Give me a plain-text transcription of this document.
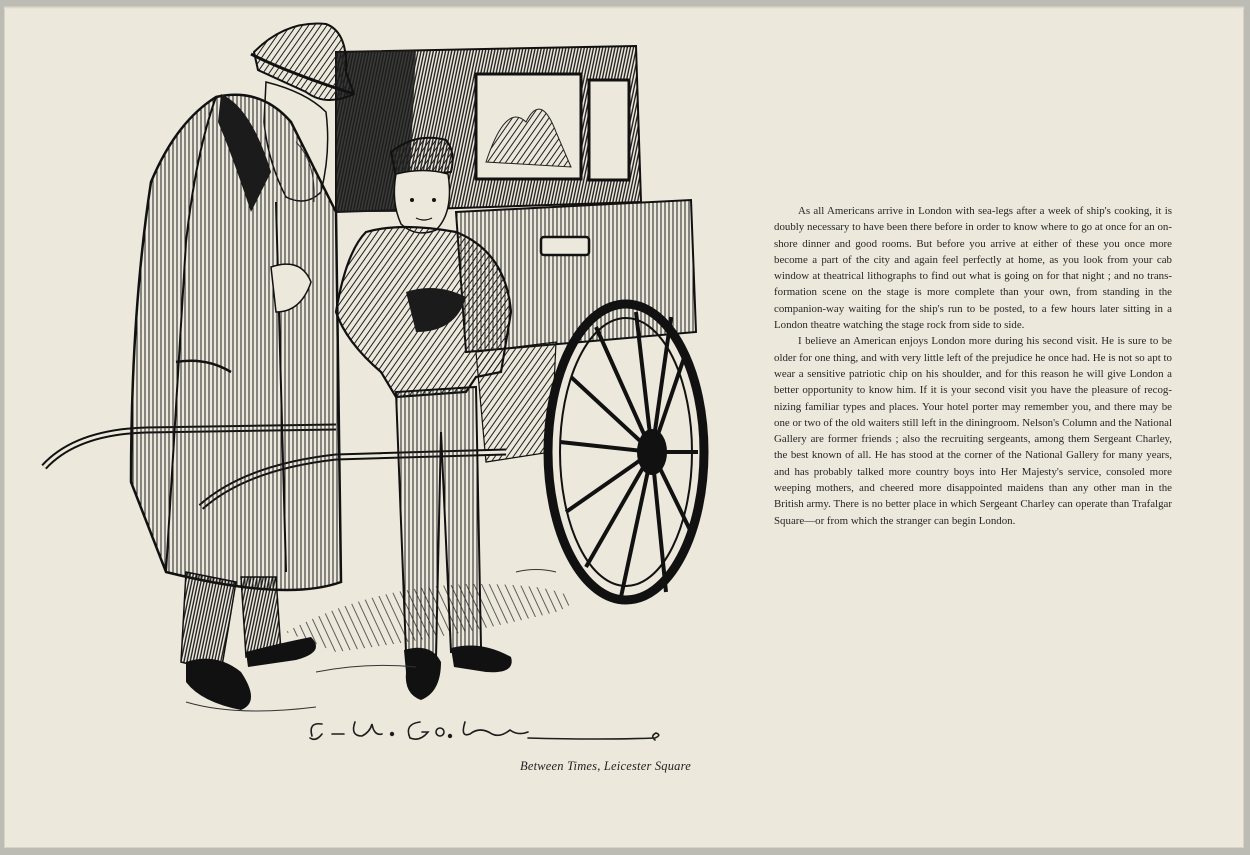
Between Times, Leicester Square

As all Americans arrive in London with sea-legs after a week of ship's cooking, it is doubly necessary to have been there before in order to know where to go at once for an on-shore dinner and good rooms. But before you arrive at either of these you once more become a part of the city and again feel perfectly at home, as you look from your cab window at theatrical lithographs to find out what is going on for that night ; and no transformation scene on the stage is more complete than your own, from standing in the companion-way waiting for the ship's run to be posted, to a few hours later sitting in a London theatre watching the stage rock from side to side.

I believe an American enjoys London more during his second visit. He is sure to be older for one thing, and with very little left of the prejudice he once had. He is not so apt to wear a sensitive patriotic chip on his shoulder, and for this reason he will give London a better opportunity to know him. If it is your second visit you have the pleasure of recognizing familiar types and places. Your hotel porter may remember you, and there may be one or two of the old waiters still left in the diningroom. Nelson's Column and the National Gallery are former friends ; also the recruiting sergeants, among them Sergeant Charley, the best known of all. He has stood at the corner of the National Gallery for many years, and has probably talked more country boys into Her Majesty's service, consoled more weeping mothers, and cheered more disappointed maidens than any other man in the British army. There is no better place in which Sergeant Charley can operate than Trafalgar Square—or from which the stranger can begin London.
